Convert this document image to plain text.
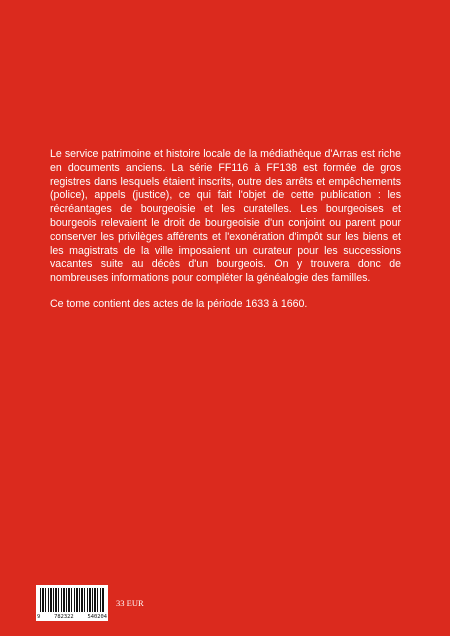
Le service patrimoine et histoire locale de la médiathèque d'Arras est riche en documents anciens. La série FF116 à FF138 est formée de gros registres dans lesquels étaient inscrits, outre des arrêts et empêchements (police), appels (justice), ce qui fait l'objet de cette publication : les récréantages de bourgeoisie et les curatelles. Les bourgeoises et bourgeois relevaient le droit de bourgeoisie d'un conjoint ou parent pour conserver les privilèges afférents et l'exonération d'impôt sur les biens et les magistrats de la ville imposaient un curateur pour les successions vacantes suite au décès d'un bourgeois. On y trouvera donc de nombreuses informations pour compléter la généalogie des familles.

Ce tome contient des actes de la période 1633 à 1660.

9	782322	540204
33 EUR
